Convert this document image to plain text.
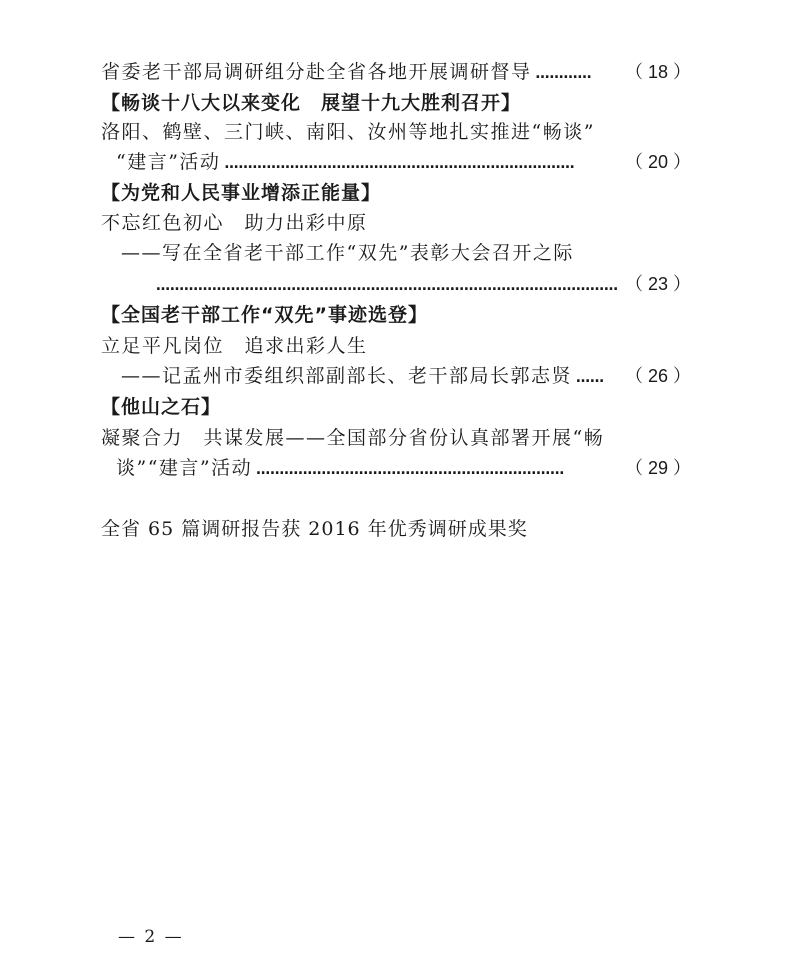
省委老干部局调研组分赴全省各地开展调研督导 …………	（ 18 ）
【畅谈十八大以来变化　展望十九大胜利召开】
洛阳、鹤壁、三门峡、南阳、汝州等地扎实推进“畅谈”
“建言”活动 …………………………………………………………………	（ 20 ）
【为党和人民事业增添正能量】
不忘红色初心　助力出彩中原
——写在全省老干部工作“双先”表彰大会召开之际
……………………………………………………………………………………… （ 23 ）
【全国老干部工作“双先”事迹选登】
立足平凡岗位　追求出彩人生
——记孟州市委组织部副部长、老干部局长郭志贤 ……	（ 26 ）
【他山之石】
凝聚合力　共谋发展——全国部分省份认真部署开展“畅
谈”“建言”活动 …………………………………………………………	（ 29 ）
全省 65 篇调研报告获 2016 年优秀调研成果奖
— 2 —
